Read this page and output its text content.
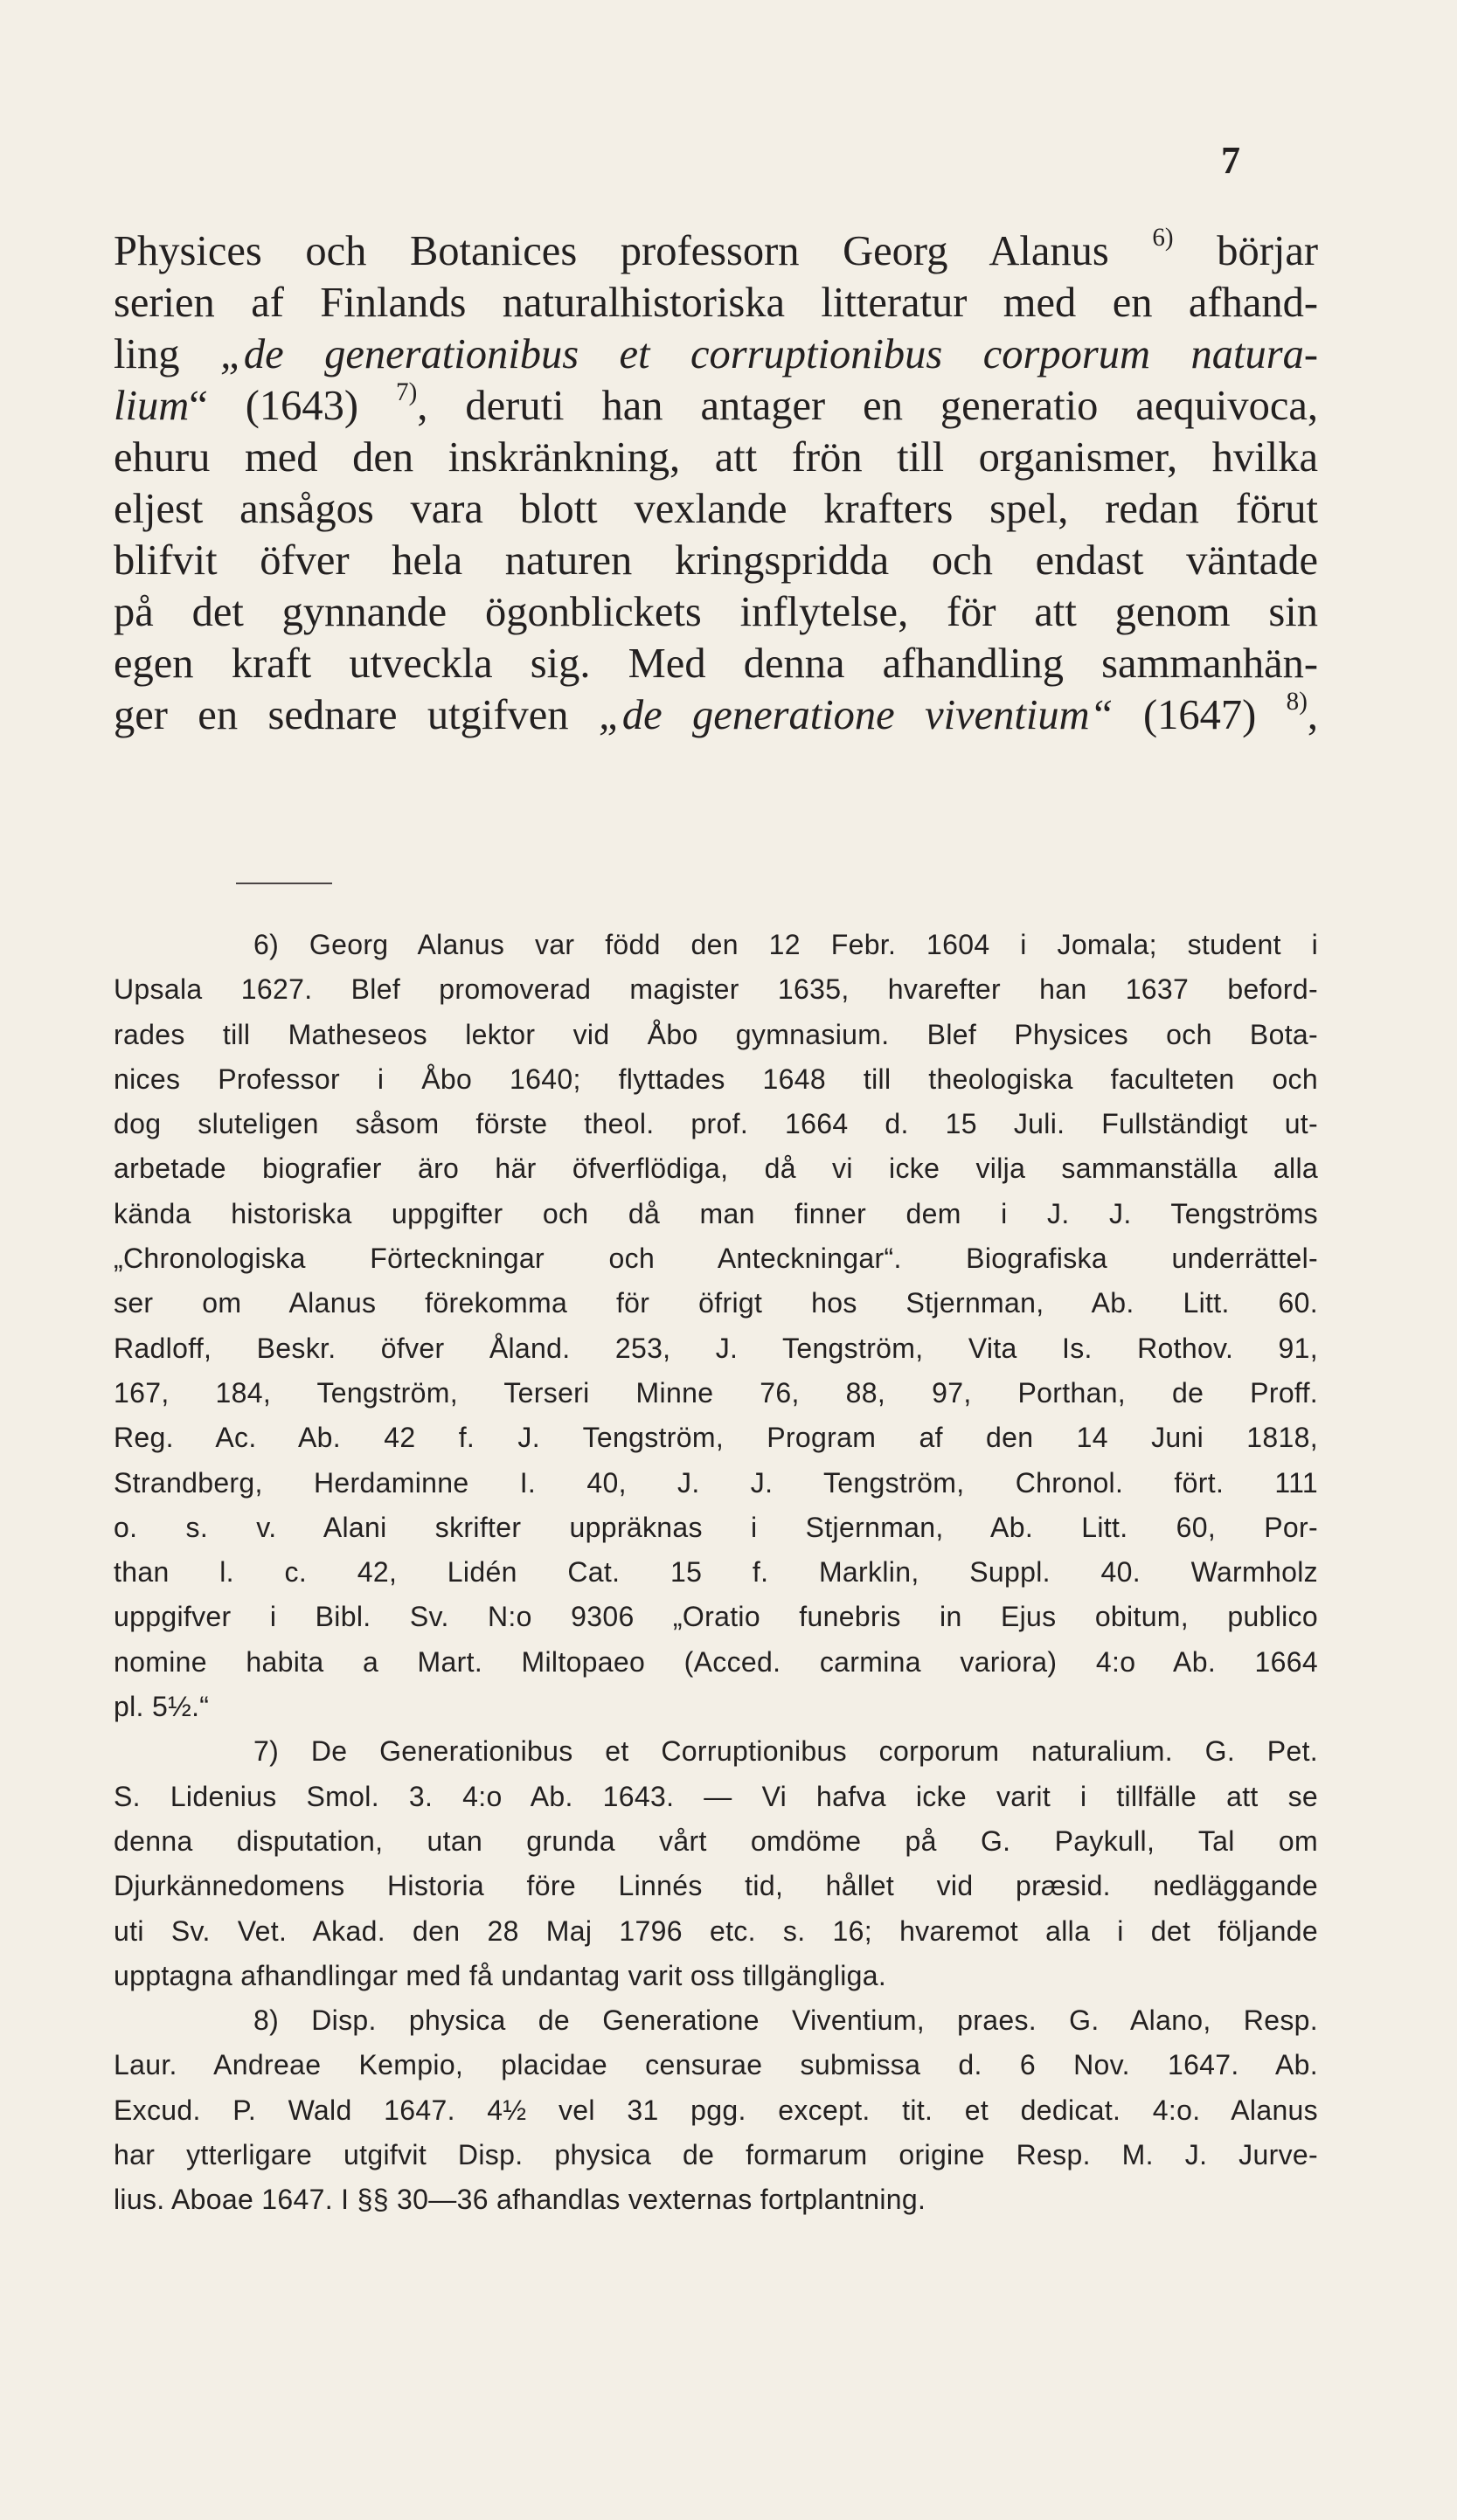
7
Physices och Botanices professorn Georg Alanus $^{6)}$ börjar
serien af Finlands naturalhistoriska litteratur med en afhand-
ling „de generationibus et corruptionibus corporum natura-
lium“ (1643) $^{7)}$, deruti han antager en generatio aequivoca,
ehuru med den inskränkning, att frön till organismer, hvilka
eljest ansågos vara blott vexlande krafters spel, redan förut
blifvit öfver hela naturen kringspridda och endast väntade
på det gynnande ögonblickets inflytelse, för att genom sin
egen kraft utveckla sig. Med denna afhandling sammanhän-
ger en sednare utgifven „de generatione viventium“ (1647) $^{8)}$,
6) Georg Alanus var född den 12 Febr. 1604 i Jomala; student i
Upsala 1627. Blef promoverad magister 1635, hvarefter han 1637 beford-
rades till Matheseos lektor vid Åbo gymnasium. Blef Physices och Bota-
nices Professor i Åbo 1640; flyttades 1648 till theologiska faculteten och
dog sluteligen såsom förste theol. prof. 1664 d. 15 Juli. Fullständigt ut-
arbetade biografier äro här öfverflödiga, då vi icke vilja sammanställa alla
kända historiska uppgifter och då man finner dem i J. J. Tengströms
„Chronologiska Förteckningar och Anteckningar“. Biografiska underrättel-
ser om Alanus förekomma för öfrigt hos Stjernman, Ab. Litt. 60.
Radloff, Beskr. öfver Åland. 253, J. Tengström, Vita Is. Rothov. 91,
167, 184, Tengström, Terseri Minne 76, 88, 97, Porthan, de Proff.
Reg. Ac. Ab. 42 f. J. Tengström, Program af den 14 Juni 1818,
Strandberg, Herdaminne I. 40, J. J. Tengström, Chronol. fört. 111
o. s. v. Alani skrifter uppräknas i Stjernman, Ab. Litt. 60, Por-
than l. c. 42, Lidén Cat. 15 f. Marklin, Suppl. 40. Warmholz
uppgifver i Bibl. Sv. N:o 9306 „Oratio funebris in Ejus obitum, publico
nomine habita a Mart. Miltopaeo (Acced. carmina variora) 4:o Ab. 1664
pl. 5½.“
7) De Generationibus et Corruptionibus corporum naturalium. G. Pet.
S. Lidenius Smol. 3. 4:o Ab. 1643. — Vi hafva icke varit i tillfälle att se
denna disputation, utan grunda vårt omdöme på G. Paykull, Tal om
Djurkännedomens Historia före Linnés tid, hållet vid præsid. nedläggande
uti Sv. Vet. Akad. den 28 Maj 1796 etc. s. 16; hvaremot alla i det följande
upptagna afhandlingar med få undantag varit oss tillgängliga.
8) Disp. physica de Generatione Viventium, praes. G. Alano, Resp.
Laur. Andreae Kempio, placidae censurae submissa d. 6 Nov. 1647. Ab.
Excud. P. Wald 1647. 4½ vel 31 pgg. except. tit. et dedicat. 4:o. Alanus
har ytterligare utgifvit Disp. physica de formarum origine Resp. M. J. Jurve-
lius. Aboae 1647. I §§ 30—36 afhandlas vexternas fortplantning.
